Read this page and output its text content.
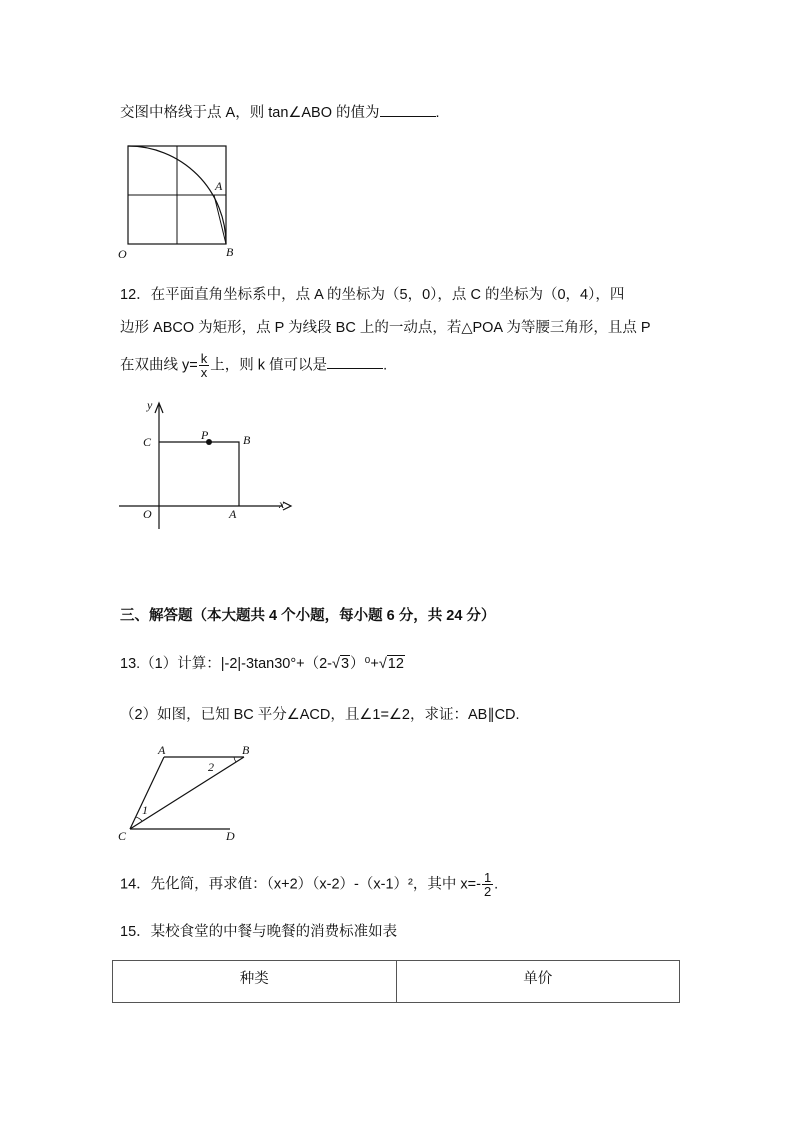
交图中格线于点 A，则 tan∠ABO 的值为	.
O	B
A
12．在平面直角坐标系中，点 A 的坐标为（5，0），点 C 的坐标为（0，4），四
边形 ABCO 为矩形，点 P 为线段 BC 上的一动点，若△POA 为等腰三角形，且点 P
在双曲线 $y= \frac{k}{x}$ 上，则 k 值可以是	.
y
x
C	P	B
O	A
三、解答题（本大题共 4 个小题，每小题 6 分，共 24 分）
13.（1）计算：|-2|-3tan30°+（2-√3）⁰+√12
（2）如图，已知 BC 平分∠ACD，且∠1=∠2，求证：AB∥CD.
A	B
C	D
1
2
14．先化简，再求值：（x+2）（x-2）-（x-1）²，其中 $x=- \frac{1}{2}$ .
15．某校食堂的中餐与晚餐的消费标准如表
种类	单价
